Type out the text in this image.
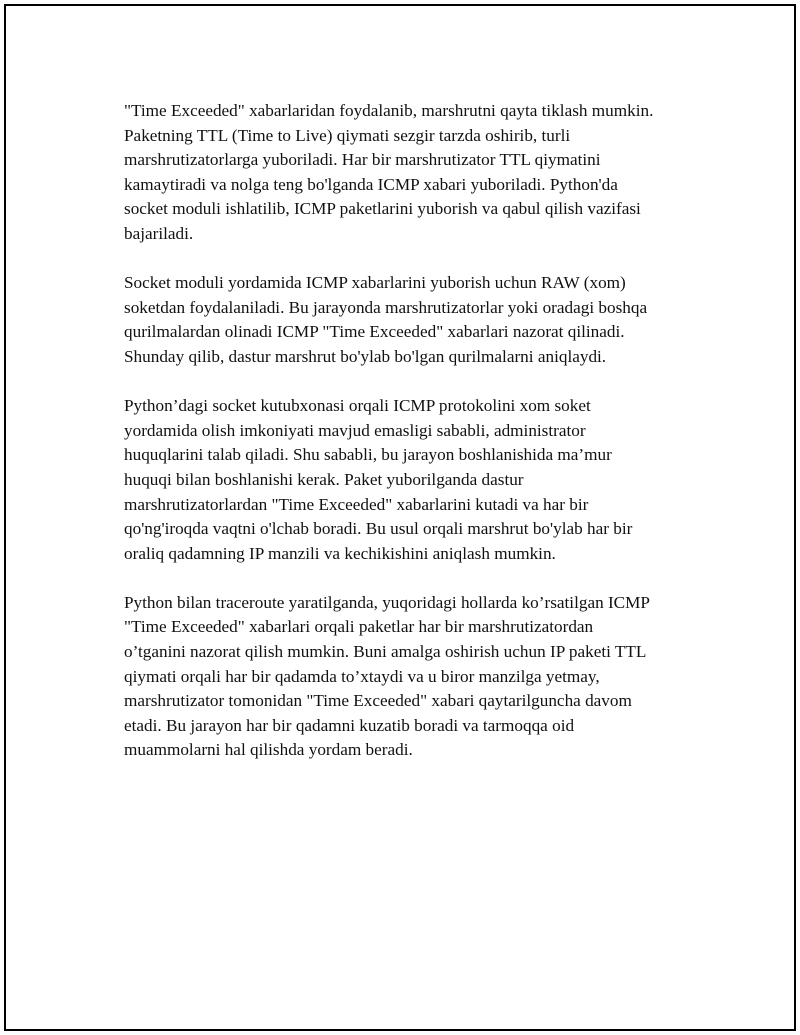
"Time Exceeded" xabarlaridan foydalanib, marshrutni qayta tiklash mumkin.
Paketning TTL (Time to Live) qiymati sezgir tarzda oshirib, turli
marshrutizatorlarga yuboriladi. Har bir marshrutizator TTL qiymatini
kamaytiradi va nolga teng bo'lganda ICMP xabari yuboriladi. Python'da
socket moduli ishlatilib, ICMP paketlarini yuborish va qabul qilish vazifasi
bajariladi.

Socket moduli yordamida ICMP xabarlarini yuborish uchun RAW (xom)
soketdan foydalaniladi. Bu jarayonda marshrutizatorlar yoki oradagi boshqa
qurilmalardan olinadi ICMP "Time Exceeded" xabarlari nazorat qilinadi.
Shunday qilib, dastur marshrut bo'ylab bo'lgan qurilmalarni aniqlaydi.

Python’dagi socket kutubxonasi orqali ICMP protokolini xom soket
yordamida olish imkoniyati mavjud emasligi sababli, administrator
huquqlarini talab qiladi. Shu sababli, bu jarayon boshlanishida ma’mur
huquqi bilan boshlanishi kerak. Paket yuborilganda dastur
marshrutizatorlardan "Time Exceeded" xabarlarini kutadi va har bir
qo'ng'iroqda vaqtni o'lchab boradi. Bu usul orqali marshrut bo'ylab har bir
oraliq qadamning IP manzili va kechikishini aniqlash mumkin.

Python bilan traceroute yaratilganda, yuqoridagi hollarda ko’rsatilgan ICMP
"Time Exceeded" xabarlari orqali paketlar har bir marshrutizatordan
o’tganini nazorat qilish mumkin. Buni amalga oshirish uchun IP paketi TTL
qiymati orqali har bir qadamda to’xtaydi va u biror manzilga yetmay,
marshrutizator tomonidan "Time Exceeded" xabari qaytarilguncha davom
etadi. Bu jarayon har bir qadamni kuzatib boradi va tarmoqqa oid
muammolarni hal qilishda yordam beradi.
